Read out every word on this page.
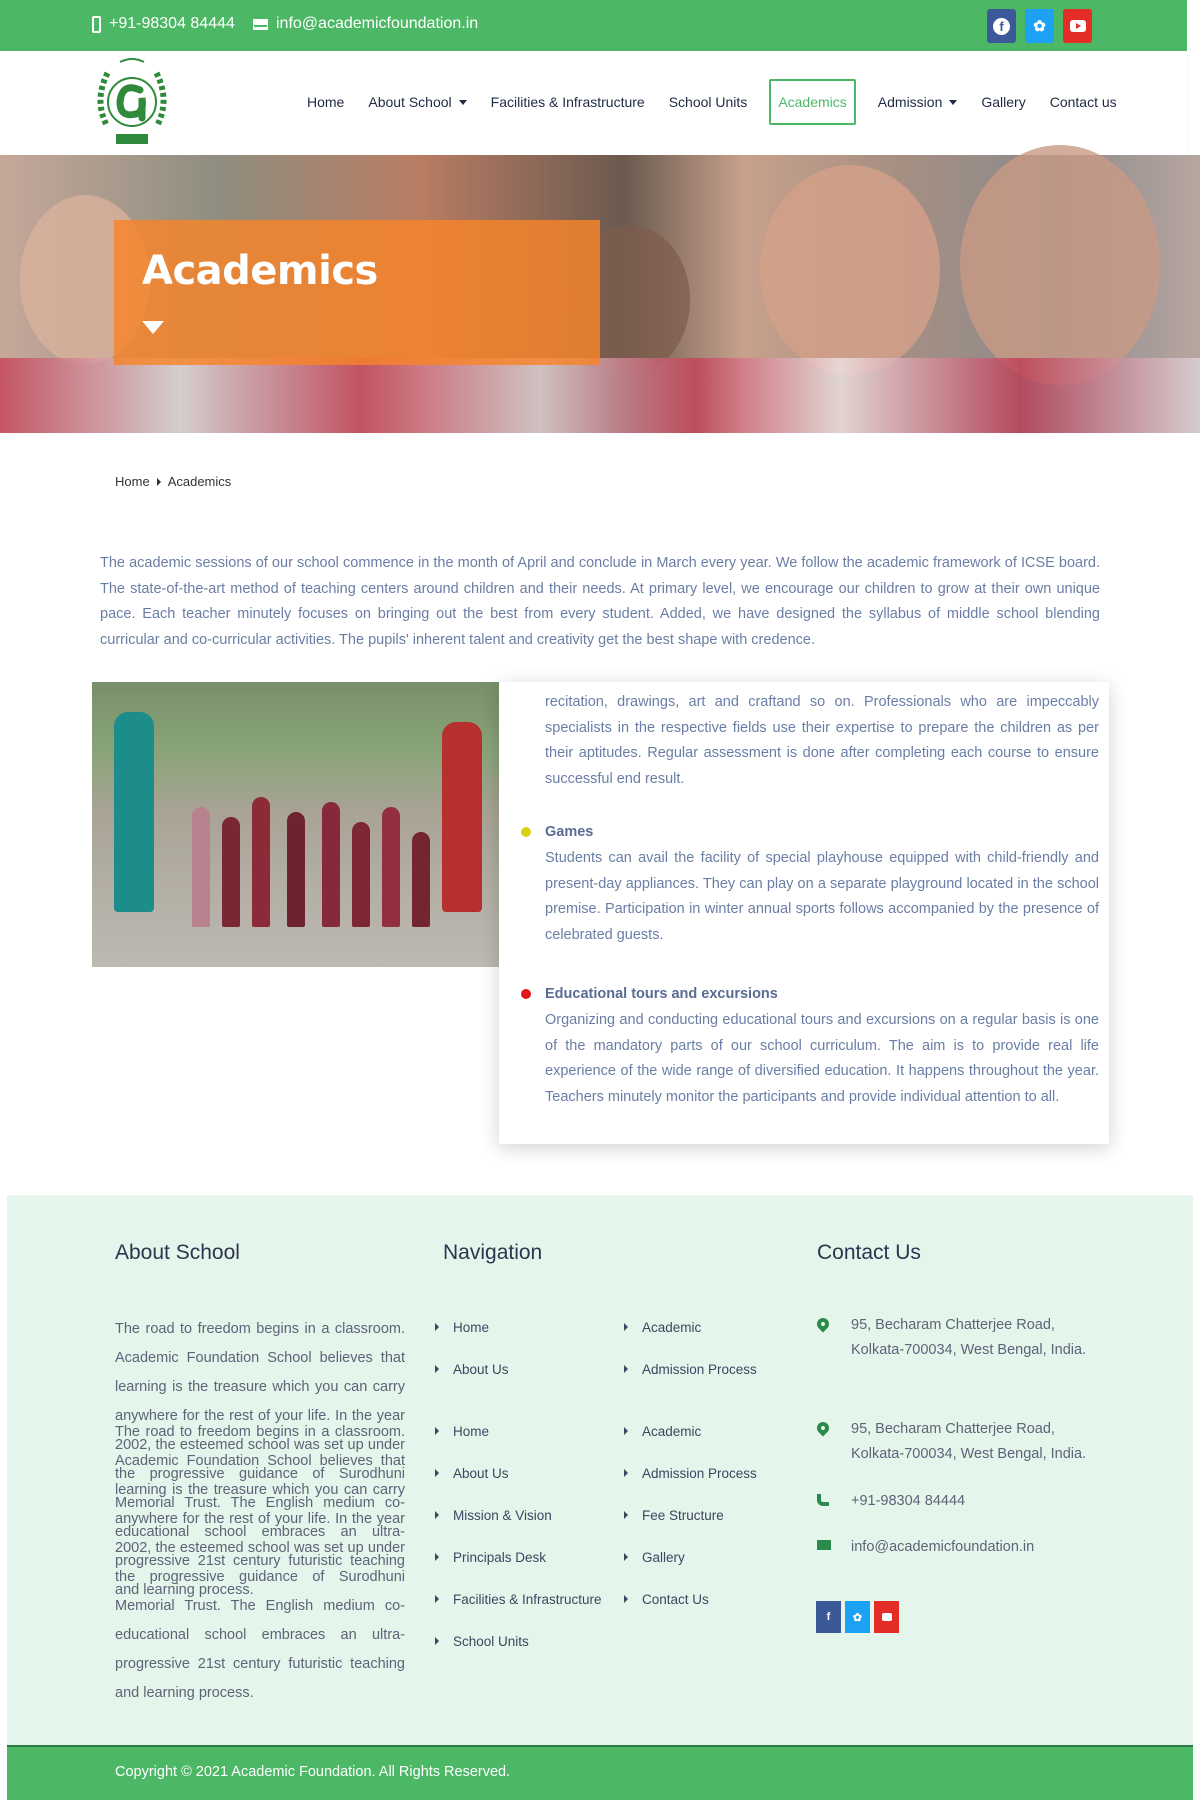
+91-98304 84444	info@academicfoundation.in	f	✿
Home About School	Facilities & Infrastructure School Units Academics Admission	Gallery Contact us
Academics
Home Academics

The academic sessions of our school commence in the month of April and conclude in March every year. We follow the academic framework of ICSE board. The state-of-the-art method of teaching centers around children and their needs. At primary level, we encourage our children to grow at their own unique pace. Each teacher minutely focuses on bringing out the best from every student. Added, we have designed the syllabus of middle school blending curricular and co-curricular activities. The pupils' inherent talent and creativity get the best shape with credence.

recitation, drawings, art and craftand so on. Professionals who are impeccably specialists in the respective fields use their expertise to prepare the children as per their aptitudes. Regular assessment is done after completing each course to ensure successful end result.

Games

Students can avail the facility of special playhouse equipped with child-friendly and present-day appliances. They can play on a separate playground located in the school premise. Participation in winter annual sports follows accompanied by the presence of celebrated guests.

Educational tours and excursions

Organizing and conducting educational tours and excursions on a regular basis is one of the mandatory parts of our school curriculum. The aim is to provide real life experience of the wide range of diversified education. It happens throughout the year. Teachers minutely monitor the participants and provide individual attention to all.

About School

The road to freedom begins in a classroom. Academic Foundation School believes that learning is the treasure which you can carry anywhere for the rest of your life. In the year 2002, the esteemed school was set up under the progressive guidance of Surodhuni Memorial Trust. The English medium co-educational school embraces an ultra-progressive 21st century futuristic teaching and learning process.

The road to freedom begins in a classroom. Academic Foundation School believes that learning is the treasure which you can carry anywhere for the rest of your life. In the year 2002, the esteemed school was set up under the progressive guidance of Surodhuni Memorial Trust. The English medium co-educational school embraces an ultra-progressive 21st century futuristic teaching and learning process.

Navigation
Home
About Us
Academic
Admission Process
Home
About Us
Mission & Vision
Principals Desk
Facilities & Infrastructure
School Units
Academic
Admission Process
Fee Structure
Gallery
Contact Us
Contact Us
95, Becharam Chatterjee Road,
Kolkata-700034, West Bengal, India.
95, Becharam Chatterjee Road,
Kolkata-700034, West Bengal, India.
+91-98304 84444
info@academicfoundation.in
f	✿
Copyright © 2021 Academic Foundation. All Rights Reserved.
